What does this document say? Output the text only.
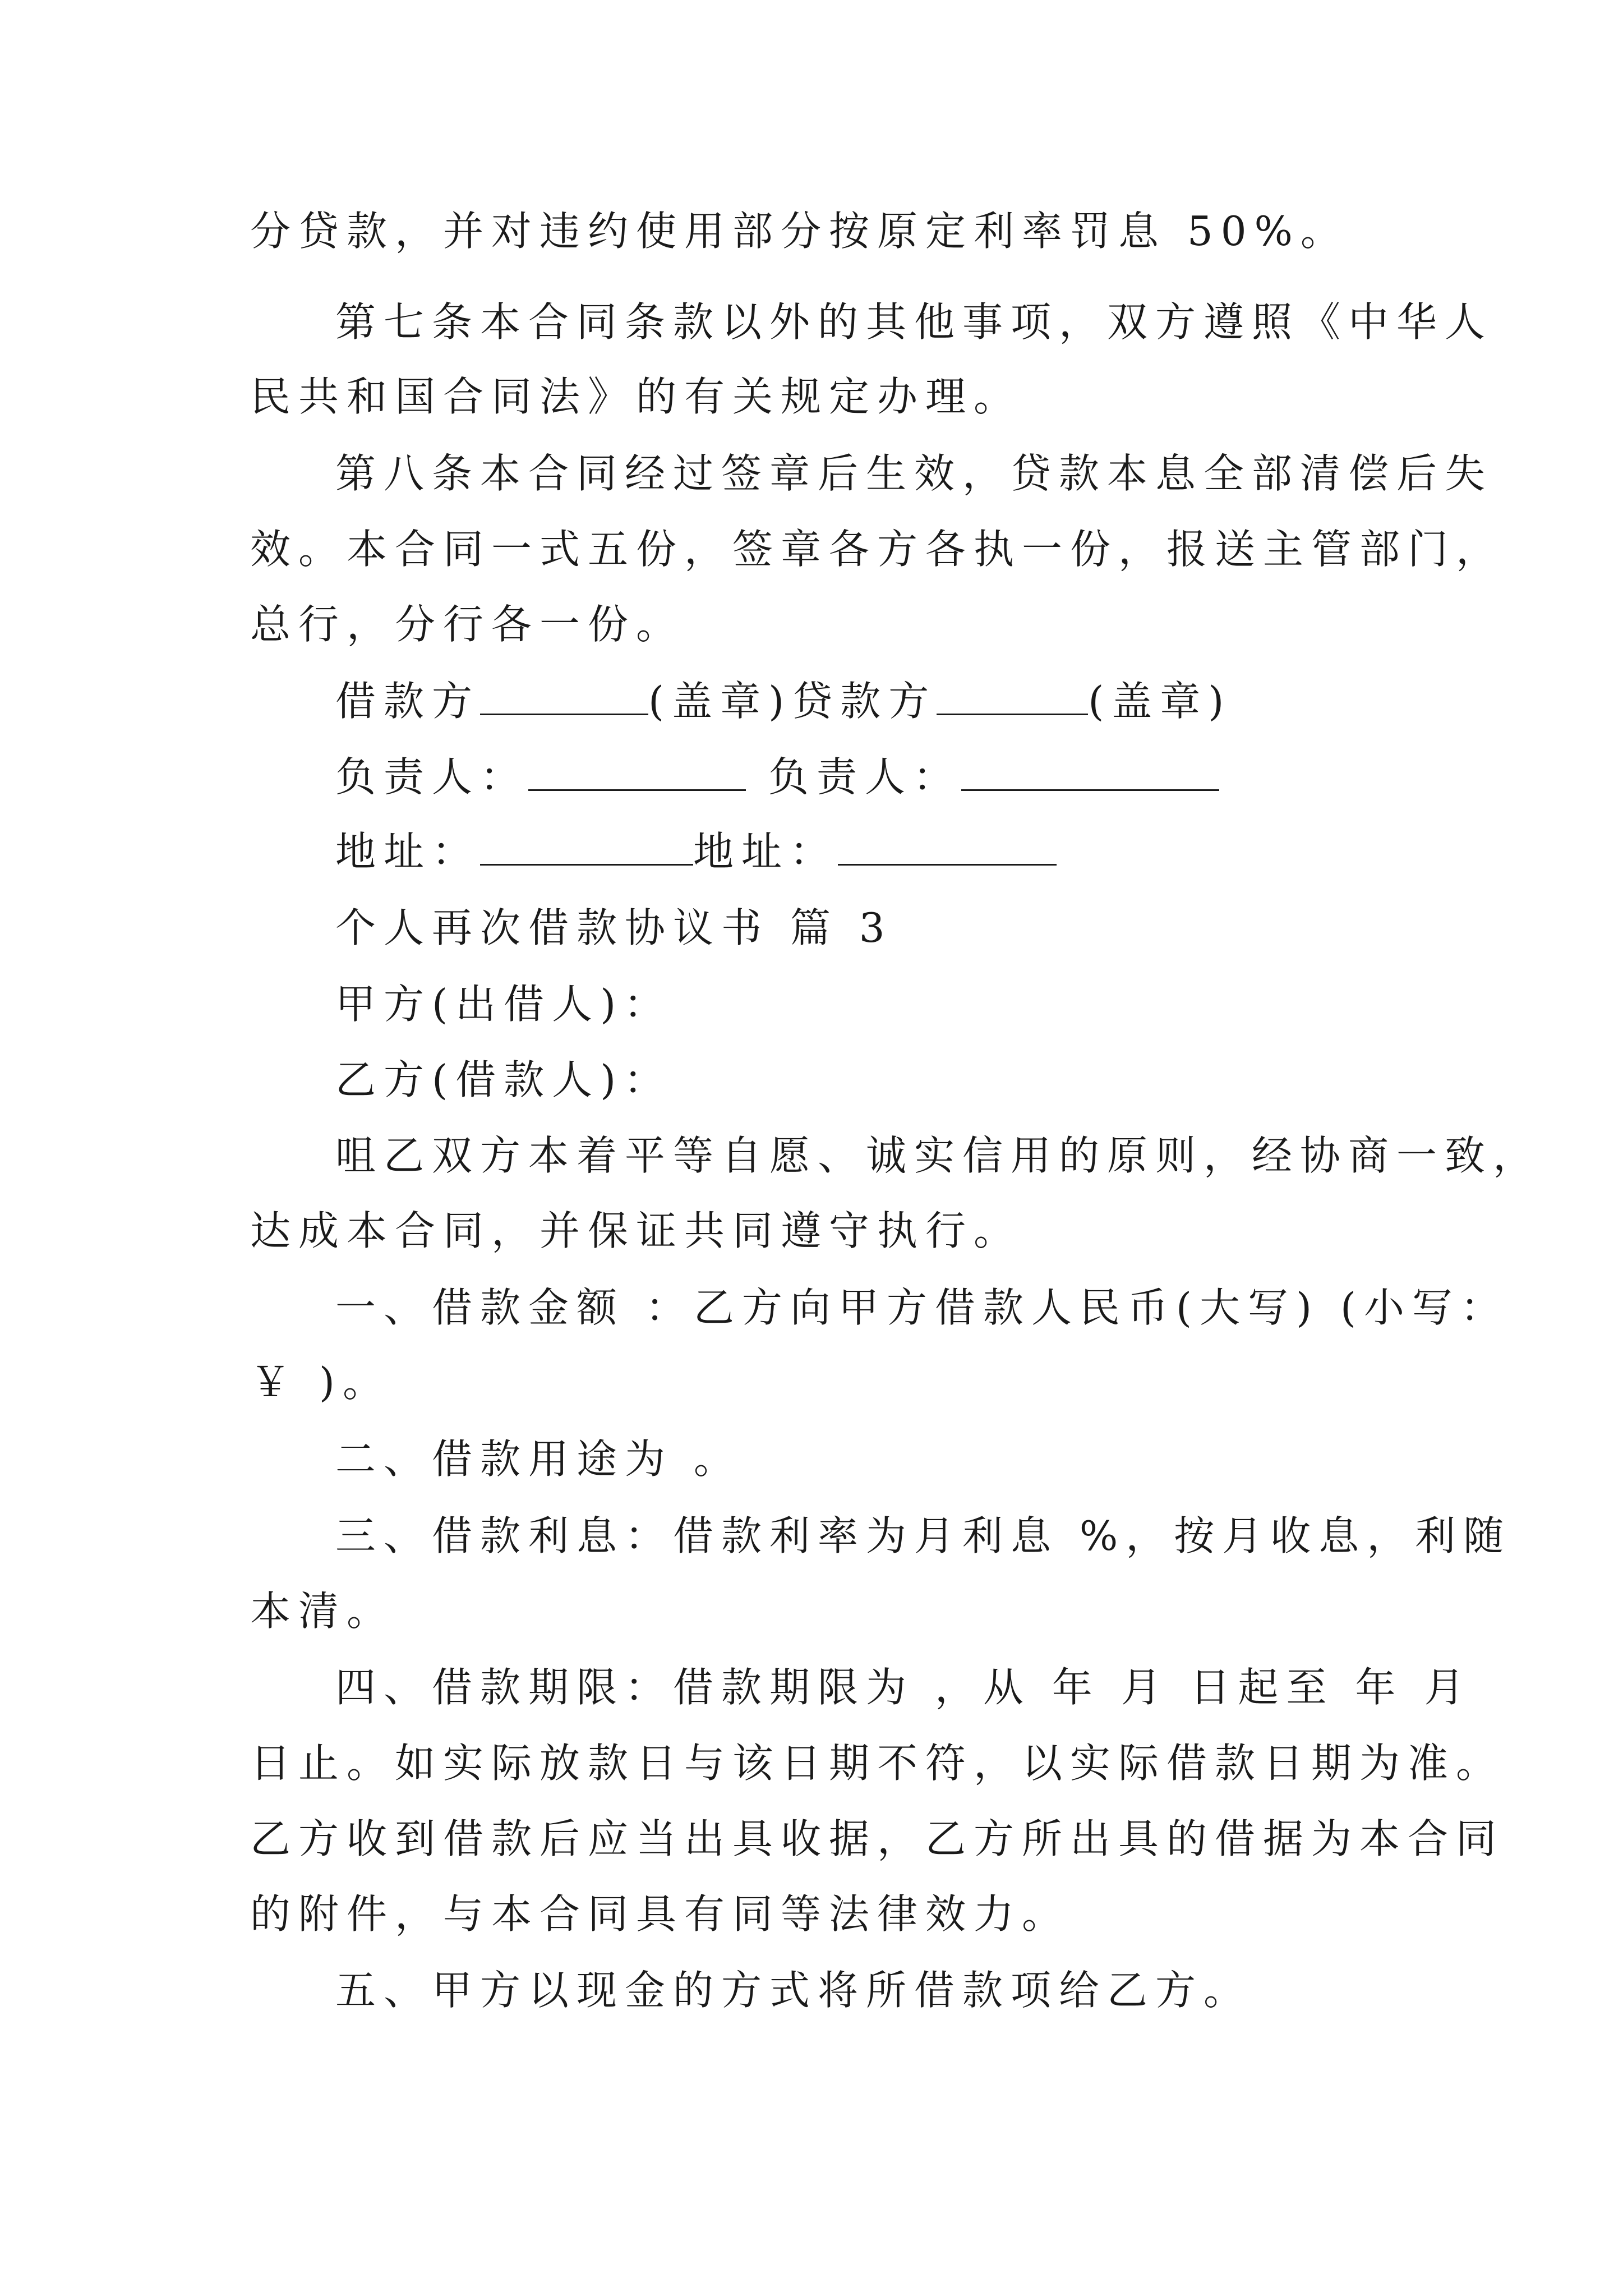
分贷款，并对违约使用部分按原定利率罚息 50%。
第七条本合同条款以外的其他事项，双方遵照《中华人
民共和国合同法》的有关规定办理。
第八条本合同经过签章后生效，贷款本息全部清偿后失
效。本合同一式五份，签章各方各执一份，报送主管部门，
总行，分行各一份。
借款方	(盖章)贷款方	(盖章)
负责人：	负责人：
地址：	地址：
个人再次借款协议书 篇 3
甲方(出借人)：
乙方(借款人)：
咀乙双方本着平等自愿、诚实信用的原则，经协商一致，
达成本合同，并保证共同遵守执行。
一、借款金额 ：乙方向甲方借款人民币(大写) (小写：
￥ )。
二、借款用途为 。
三、借款利息：借款利率为月利息 %，按月收息，利随
本清。
四、借款期限：借款期限为 ，从 年 月 日起至 年 月
日止。如实际放款日与该日期不符，以实际借款日期为准。
乙方收到借款后应当出具收据，乙方所出具的借据为本合同
的附件，与本合同具有同等法律效力。
五、甲方以现金的方式将所借款项给乙方。
